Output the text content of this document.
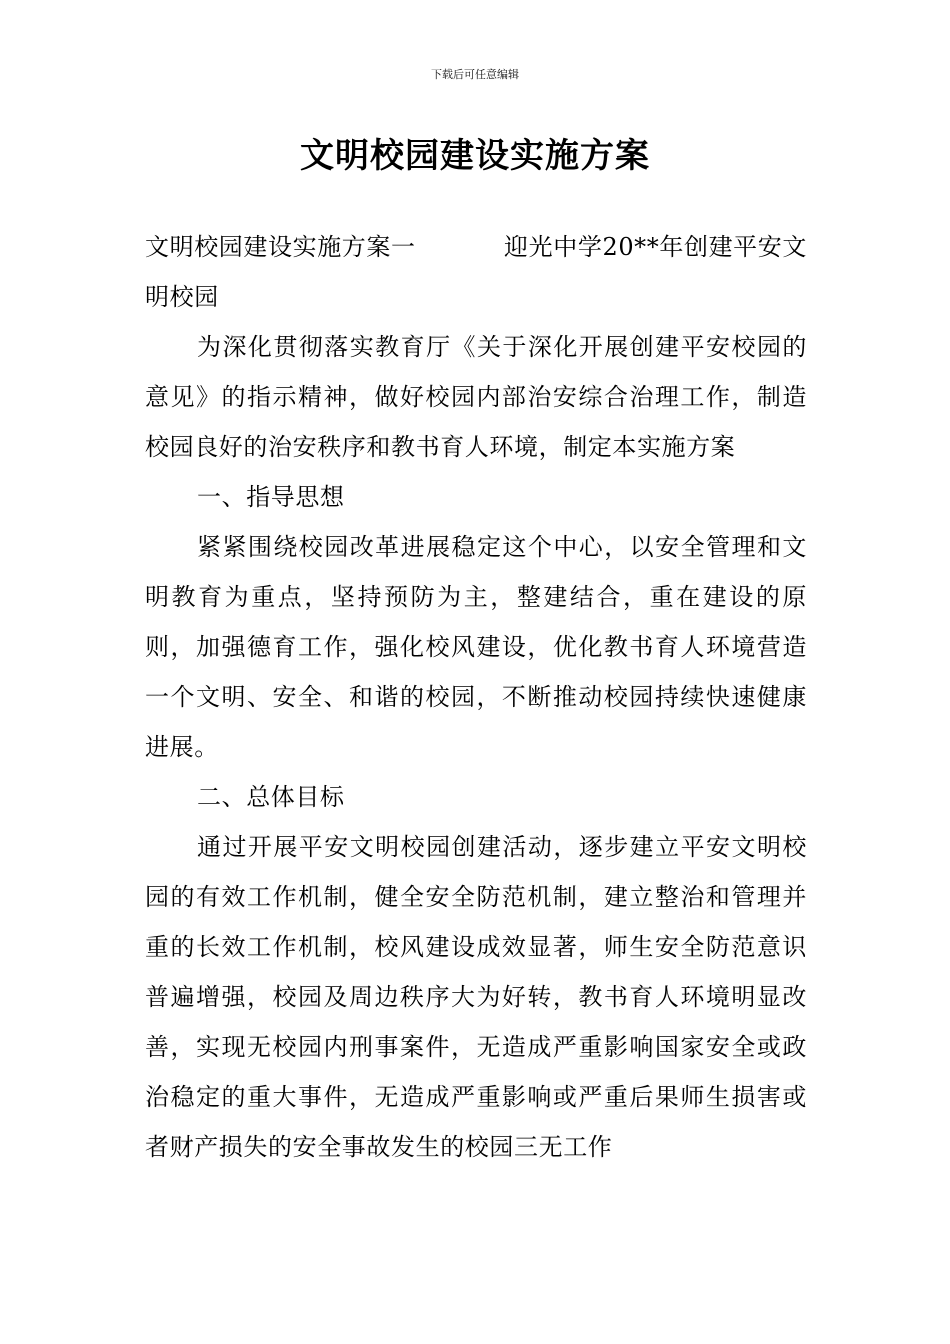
下载后可任意编辑
文明校园建设实施方案
文明校园建设实施方案一	迎光中学20**年创建平安文

明校园

为深化贯彻落实教育厅《关于深化开展创建平安校园的意见》的指示精神，做好校园内部治安综合治理工作，制造校园良好的治安秩序和教书育人环境，制定本实施方案

一、指导思想

紧紧围绕校园改革进展稳定这个中心，以安全管理和文明教育为重点，坚持预防为主，整建结合，重在建设的原则，加强德育工作，强化校风建设，优化教书育人环境营造一个文明、安全、和谐的校园，不断推动校园持续快速健康进展。

二、总体目标

通过开展平安文明校园创建活动，逐步建立平安文明校园的有效工作机制，健全安全防范机制，建立整治和管理并重的长效工作机制，校风建设成效显著，师生安全防范意识普遍增强，校园及周边秩序大为好转，教书育人环境明显改善，实现无校园内刑事案件，无造成严重影响国家安全或政治稳定的重大事件，无造成严重影响或严重后果师生损害或者财产损失的安全事故发生的校园三无工作
